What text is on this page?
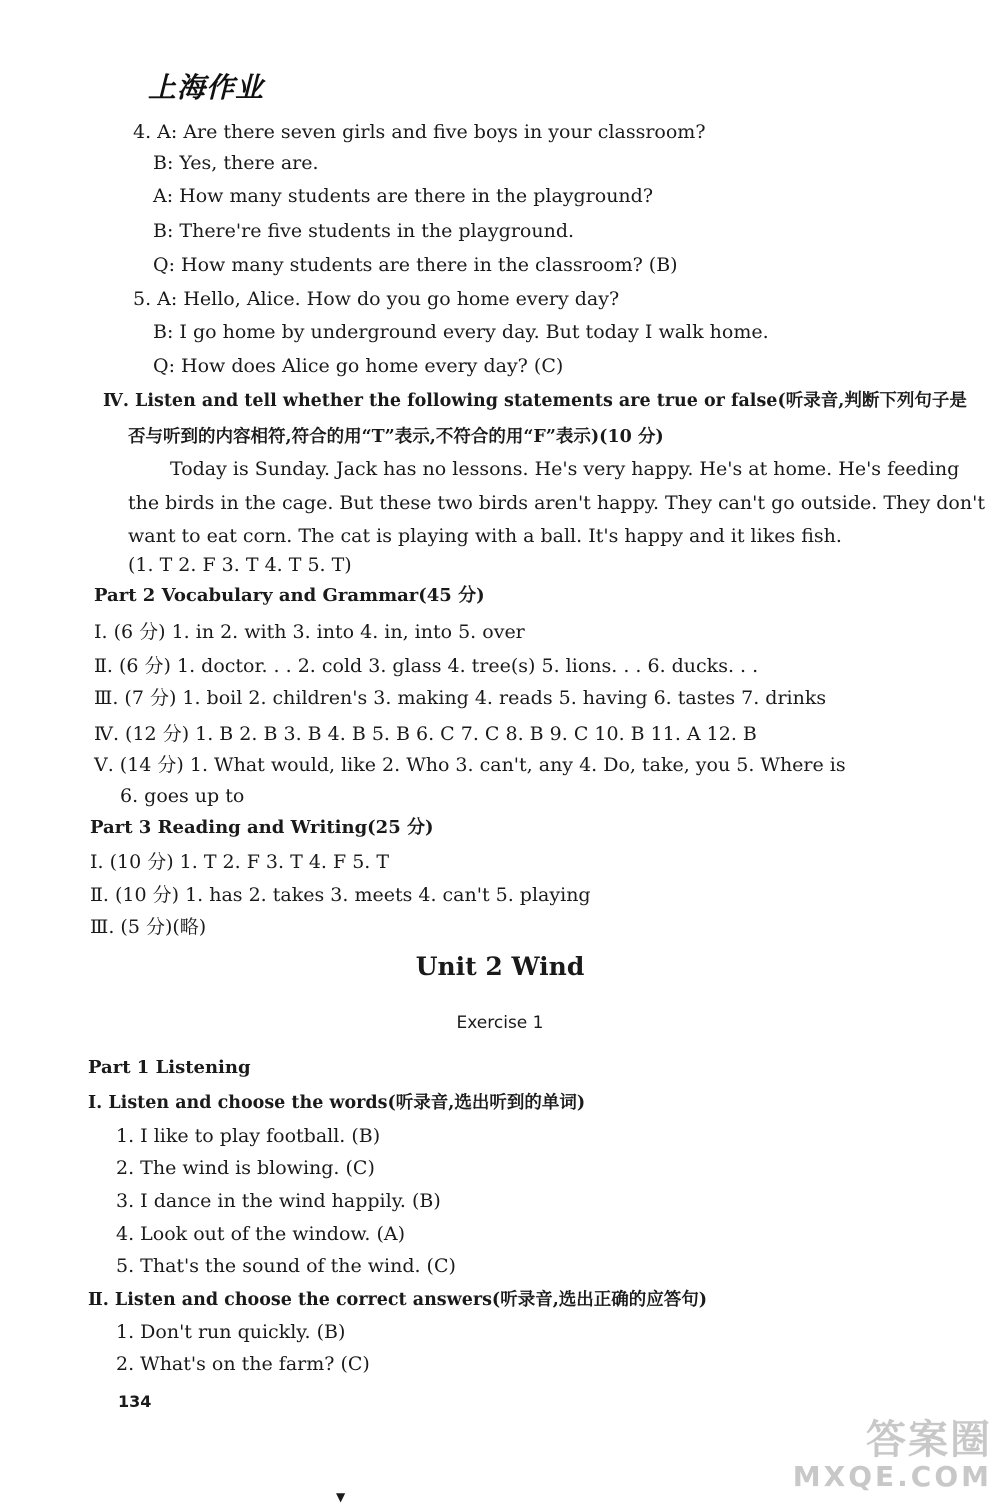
上海作业
4. A: Are there seven girls and five boys in your classroom?
B: Yes, there are.
A: How many students are there in the playground?
B: There're five students in the playground.
Q: How many students are there in the classroom? (B)
5. A: Hello, Alice. How do you go home every day?
B: I go home by underground every day. But today I walk home.
Q: How does Alice go home every day? (C)
Ⅳ. Listen and tell whether the following statements are true or false(听录音,判断下列句子是
否与听到的内容相符,符合的用“T”表示,不符合的用“F”表示)(10 分)
Today is Sunday. Jack has no lessons. He's very happy. He's at home. He's feeding
the birds in the cage. But these two birds aren't happy. They can't go outside. They don't
want to eat corn. The cat is playing with a ball. It's happy and it likes fish.
(1. T 2. F 3. T 4. T 5. T)
Part 2 Vocabulary and Grammar(45 分)
Ⅰ. (6 分) 1. in 2. with 3. into 4. in, into 5. over
Ⅱ. (6 分) 1. doctor. . . 2. cold 3. glass 4. tree(s) 5. lions. . . 6. ducks. . .
Ⅲ. (7 分) 1. boil 2. children's 3. making 4. reads 5. having 6. tastes 7. drinks
Ⅳ. (12 分) 1. B 2. B 3. B 4. B 5. B 6. C 7. C 8. B 9. C 10. B 11. A 12. B
Ⅴ. (14 分) 1. What would, like 2. Who 3. can't, any 4. Do, take, you 5. Where is
6. goes up to
Part 3 Reading and Writing(25 分)
Ⅰ. (10 分) 1. T 2. F 3. T 4. F 5. T
Ⅱ. (10 分) 1. has 2. takes 3. meets 4. can't 5. playing
Ⅲ. (5 分)(略)
Unit 2 Wind
Exercise 1
Part 1 Listening
Ⅰ. Listen and choose the words(听录音,选出听到的单词)
1. I like to play football. (B)
2. The wind is blowing. (C)
3. I dance in the wind happily. (B)
4. Look out of the window. (A)
5. That's the sound of the wind. (C)
Ⅱ. Listen and choose the correct answers(听录音,选出正确的应答句)
1. Don't run quickly. (B)
2. What's on the farm? (C)
134
答案圈
MXQE.COM
▼
